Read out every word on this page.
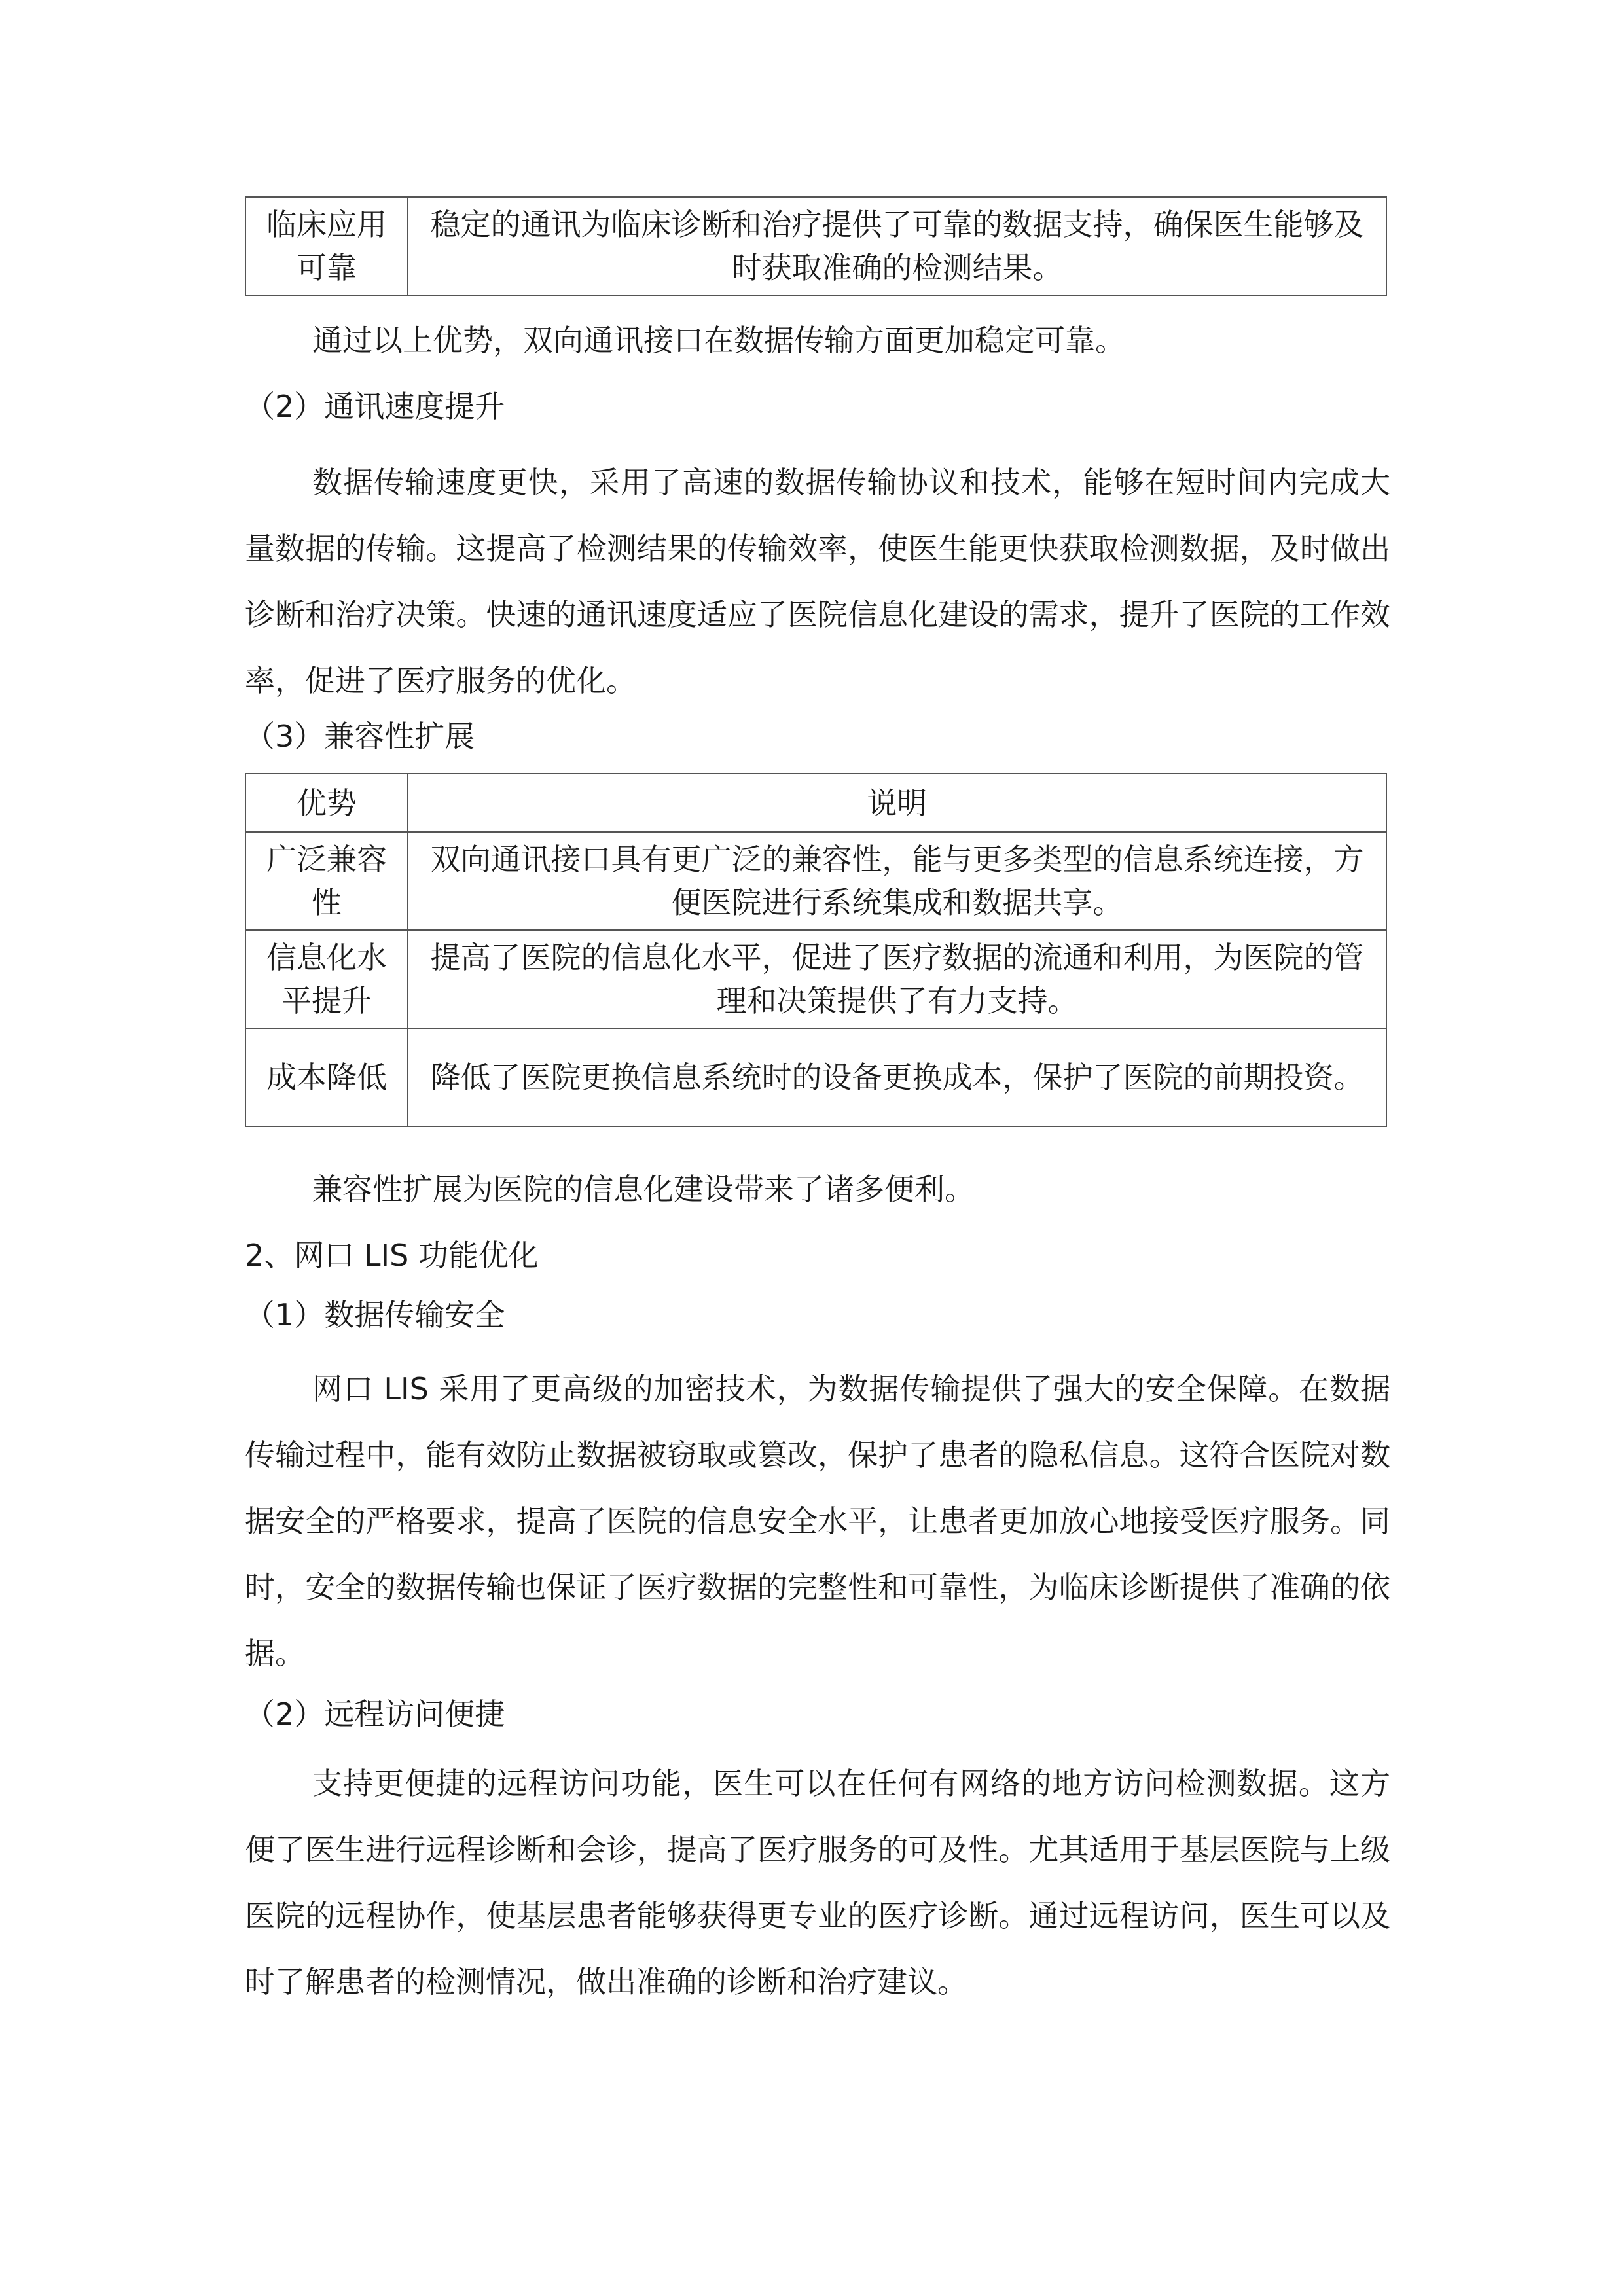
临床应用
可靠	稳定的通讯为临床诊断和治疗提供了可靠的数据支持，确保医生能够及时获取准确的检测结果。

通过以上优势，双向通讯接口在数据传输方面更加稳定可靠。

（2）通讯速度提升

数据传输速度更快，采用了高速的数据传输协议和技术，能够在短时间内完成大量数据的传输。这提高了检测结果的传输效率，使医生能更快获取检测数据，及时做出诊断和治疗决策。快速的通讯速度适应了医院信息化建设的需求，提升了医院的工作效率，促进了医疗服务的优化。

（3）兼容性扩展

优势	说明
广泛兼容
性	双向通讯接口具有更广泛的兼容性，能与更多类型的信息系统连接，方便医院进行系统集成和数据共享。
信息化水
平提升	提高了医院的信息化水平，促进了医疗数据的流通和利用，为医院的管理和决策提供了有力支持。
成本降低	降低了医院更换信息系统时的设备更换成本，保护了医院的前期投资。

兼容性扩展为医院的信息化建设带来了诸多便利。

2、网口 LIS 功能优化

（1）数据传输安全

网口 LIS 采用了更高级的加密技术，为数据传输提供了强大的安全保障。在数据传输过程中，能有效防止数据被窃取或篡改，保护了患者的隐私信息。这符合医院对数据安全的严格要求，提高了医院的信息安全水平，让患者更加放心地接受医疗服务。同时，安全的数据传输也保证了医疗数据的完整性和可靠性，为临床诊断提供了准确的依据。

（2）远程访问便捷

支持更便捷的远程访问功能，医生可以在任何有网络的地方访问检测数据。这方便了医生进行远程诊断和会诊，提高了医疗服务的可及性。尤其适用于基层医院与上级医院的远程协作，使基层患者能够获得更专业的医疗诊断。通过远程访问，医生可以及时了解患者的检测情况，做出准确的诊断和治疗建议。
